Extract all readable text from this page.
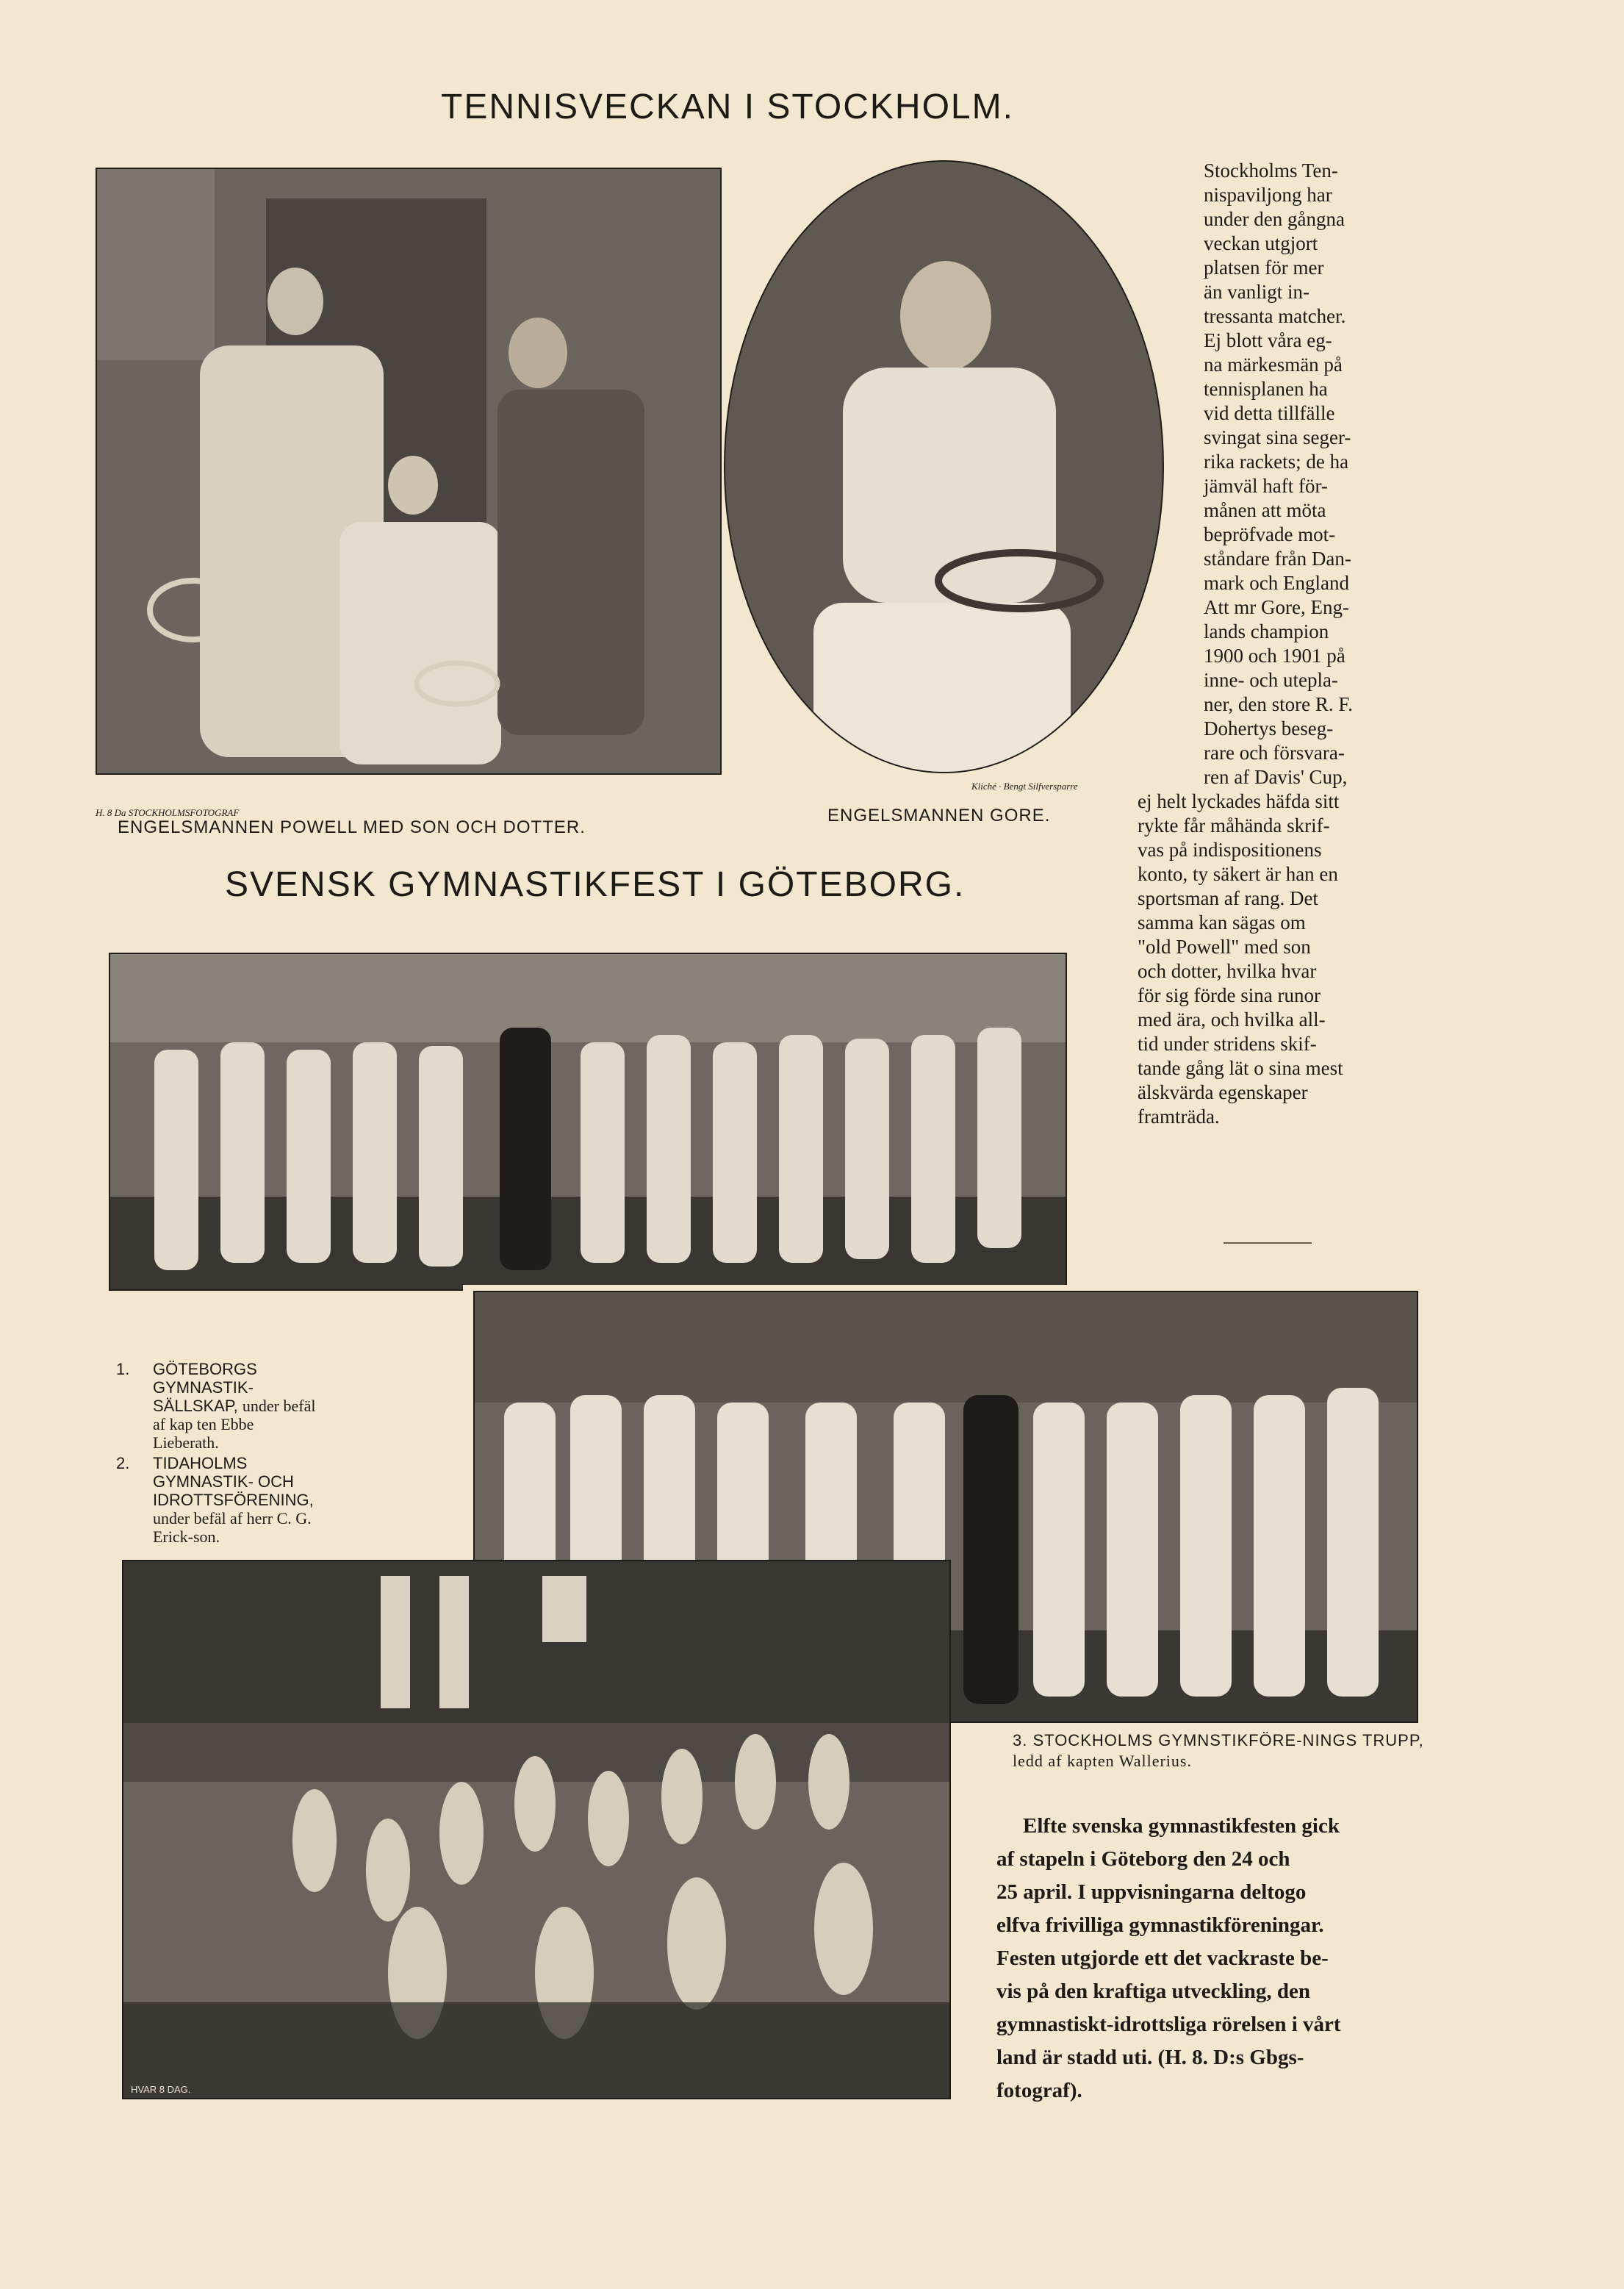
TENNISVECKAN I STOCKHOLM.
H. 8 Da STOCKHOLMSFOTOGRAF
ENGELSMANNEN POWELL MED SON OCH DOTTER.
Kliché · Bengt Silfversparre
ENGELSMANNEN GORE.
Stockholms Ten-
nispaviljong har
under den gångna
veckan utgjort
platsen för mer
än vanligt in-
tressanta matcher.
Ej blott våra eg-
na märkesmän på
tennisplanen ha
vid detta tillfälle
svingat sina seger-
rika rackets; de ha
jämväl haft för-
månen att möta
bepröfvade mot-
ståndare från Dan-
mark och England
Att mr Gore, Eng-
lands champion
1900 och 1901 på
inne- och utepla-
ner, den store R. F.
Dohertys beseg-
rare och försvara-
ren af Davis' Cup,
ej helt lyckades häfda sitt
rykte får måhända skrif-
vas på indispositionens
konto, ty säkert är han en
sportsman af rang. Det
samma kan sägas om
"old Powell" med son
och dotter, hvilka hvar
för sig förde sina runor
med ära, och hvilka all-
tid under stridens skif-
tande gång lät o sina mest
älskvärda egenskaper
framträda.
SVENSK GYMNASTIKFEST I GÖTEBORG.
1. GÖTEBORGS GYMNASTIK-SÄLLSKAP, under befäl af kap ten Ebbe Lieberath.
2. TIDAHOLMS GYMNASTIK- OCH IDROTTSFÖRENING, under befäl af herr C. G. Erick-son.
HVAR 8 DAG.
3. STOCKHOLMS GYMNSTIKFÖRE-NINGS TRUPP, ledd af kapten Wallerius.
Elfte svenska gymnastikfesten gick
af stapeln i Göteborg den 24 och
25 april. I uppvisningarna deltogo
elfva frivilliga gymnastikföreningar.
Festen utgjorde ett det vackraste be-
vis på den kraftiga utveckling, den
gymnastiskt-idrottsliga rörelsen i vårt
land är stadd uti. (H. 8. D:s Gbgs-
fotograf).
